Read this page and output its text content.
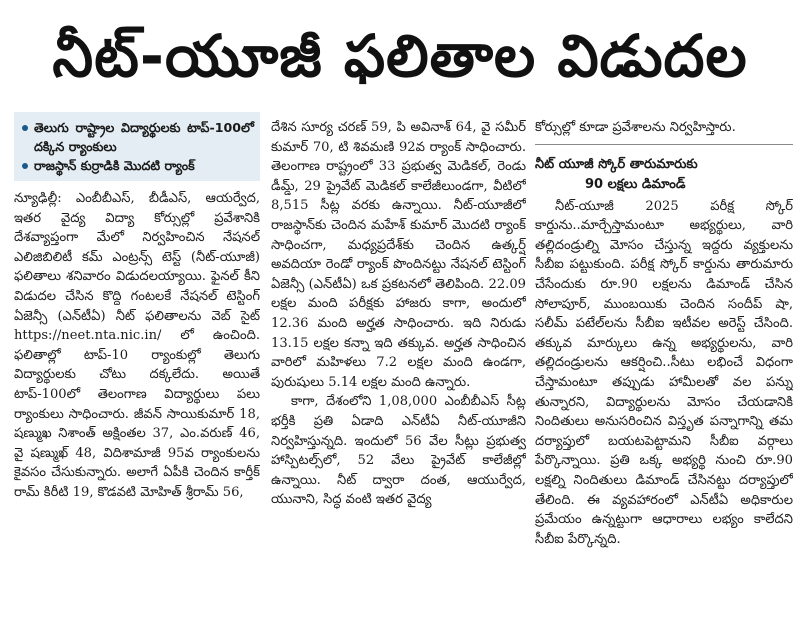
నీట్‌-యూజీ ఫలితాల విడుదల
తెలుగు రాష్ట్రాల విద్యార్థులకు టాప్‌-100లో దక్కిన ర్యాంకులు
రాజస్థాన్‌ కుర్రాడికి మొదటి ర్యాంక్‌

న్యూఢిల్లీ: ఎంబీబీఎస్‌, బీడీఎస్‌, ఆయర్వేద, ఇతర వైద్య విద్యా కోర్సుల్లో ప్రవేశానికి దేశవ్యాప్తంగా మేలో నిర్వహించిన నేషనల్‌ ఎలిజిబిలిటీ కమ్‌ ఎంట్రన్స్‌ టెస్ట్‌ (నీట్‌-యూజీ) ఫలితాలు శనివారం విడుదలయ్యాయి. ఫైనల్‌ కీని విడుదల చేసిన కొద్ది గంటలకే నేషనల్‌ టెస్టింగ్‌ ఏజెన్సీ (ఎన్‌టీఏ) నీట్‌ ఫలితాలను వెబ్‌ సైట్‌ https://neet.nta.nic.in/ లో ఉంచింది. ఫలితాల్లో టాప్‌-10 ర్యాంకుల్లో తెలుగు విద్యార్థులకు చోటు దక్కలేదు. అయితే టాప్‌-100లో తెలంగాణ విద్యార్థులు పలు ర్యాంకులు సాధించారు. జీవన్‌ సాయికుమార్‌ 18, షణ్ముఖ నిశాంత్‌ అక్షింతల 37, ఎం.వరుణ్‌ 46, వై షణ్ముఖ్‌ 48, విదిశామాజీ 95వ ర్యాంకులను కైవసం చేసుకున్నారు. అలాగే ఏపీకి చెందిన కార్తీక్‌ రామ్‌ కిరీటి 19, కొడవటి మోహిత్‌ శ్రీరామ్‌ 56,

దేశిన సూర్య చరణ్‌ 59, పి అవినాశ్‌ 64, వై సమీర్‌ కుమార్‌ 70, టి శివమణి 92వ ర్యాంక్‌ సాధించారు. తెలంగాణ రాష్ట్రంలో 33 ప్రభుత్వ మెడికల్‌, రెండు డీమ్డ్‌, 29 ప్రైవేట్‌ మెడికల్‌ కాలేజీలుండగా, వీటిలో 8,515 సీట్ల వరకు ఉన్నాయి. నీట్‌-యూజీలో రాజస్థాన్‌కు చెందిన మహేశ్‌ కుమార్‌ మొదటి ర్యాంక్‌ సాధించగా, మధ్యప్రదేశ్‌కు చెందిన ఉత్కర్ష్‌ అవదియా రెండో ర్యాంక్‌ పొందినట్టు నేషనల్‌ టెస్టింగ్‌ ఏజెన్సీ (ఎన్‌టీఏ) ఒక ప్రకటనలో తెలిపింది. 22.09 లక్షల మంది పరీక్షకు హాజరు కాగా, అందులో 12.36 మంది అర్హత సాధించారు. ఇది నిరుడు 13.15 లక్షల కన్నా ఇది తక్కువ. అర్హత సాధించిన వారిలో మహిళలు 7.2 లక్షల మంది ఉండగా, పురుషులు 5.14 లక్షల మంది ఉన్నారు.

కాగా, దేశంలోని 1,08,000 ఎంబీబీఎస్‌ సీట్ల భర్తీకి ప్రతి ఏడాది ఎన్‌టీఏ నీట్‌-యూజీని నిర్వహిస్తున్నది. ఇందులో 56 వేల సీట్లు ప్రభుత్వ హాస్పిటల్స్‌లో, 52 వేలు ప్రైవేట్‌ కాలేజీల్లో ఉన్నాయి. నీట్‌ ద్వారా దంత, ఆయుర్వేద, యునాని, సిద్ధ వంటి ఇతర వైద్య

కోర్సుల్లో కూడా ప్రవేశాలను నిర్వహిస్తారు.

నీట్‌ యూజీ స్కోర్‌ తారుమారుకు
90 లక్షలు డిమాండ్‌

నీట్‌-యూజీ 2025 పరీక్ష స్కోర్‌ కార్డును..మార్చేస్తామంటూ అభ్యర్థులు, వారి తల్లిదండ్రుల్ని మోసం చేస్తున్న ఇద్దరు వ్యక్తులను సీబీఐ పట్టుకుంది. పరీక్ష స్కోర్‌ కార్డును తారుమారు చేసేందుకు రూ.90 లక్షలను డిమాండ్‌ చేసిన సోలాపూర్‌, ముంబయికు చెందిన సందీప్‌ షా, సలీమ్‌ పటేల్‌లను సీబీఐ ఇటీవల అరెస్ట్‌ చేసింది. తక్కువ మార్కులు ఉన్న అభ్యర్థులను, వారి తల్లిదండ్రులను ఆకర్షించి..సీటు లభించే విధంగా చేస్తామంటూ తప్పుడు హామీలతో వల పన్ను తున్నారని, విద్యార్థులను మోసం చేయడానికి నిందితులు అనుసరించిన విస్తృత పన్నాగాన్ని తమ దర్యాప్తులో బయటపెట్టామని సీబీఐ వర్గాలు పేర్కొన్నాయి. ప్రతి ఒక్క అభ్యర్థి నుంచి రూ.90 లక్షల్ని నిందితులు డిమాండ్‌ చేసినట్టు దర్యాప్తులో తేలింది. ఈ వ్యవహారంలో ఎన్‌టీఏ అధికారుల ప్రమేయం ఉన్నట్టుగా ఆధారాలు లభ్యం కాలేదని సీబీఐ పేర్కొన్నది.
